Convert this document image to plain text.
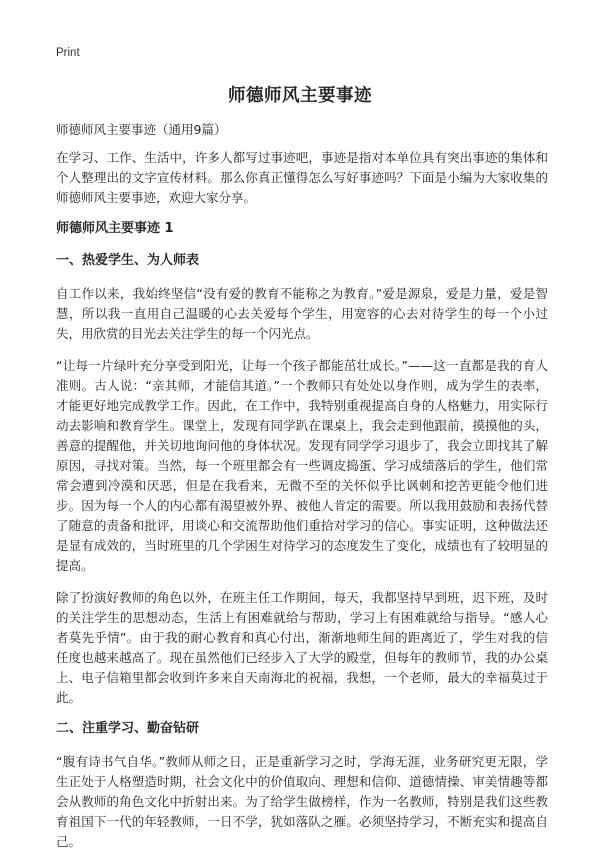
Print
师德师风主要事迹

师德师风主要事迹（通用9篇）

在学习、工作、生活中，许多人都写过事迹吧，事迹是指对本单位具有突出事迹的集体和个人整理出的文字宣传材料。那么你真正懂得怎么写好事迹吗？下面是小编为大家收集的师德师风主要事迹，欢迎大家分享。

师德师风主要事迹 1
一、热爱学生、为人师表

自工作以来，我始终坚信“没有爱的教育不能称之为教育。”爱是源泉，爱是力量，爱是智慧，所以我一直用自己温暖的心去关爱每个学生，用宽容的心去对待学生的每一个小过失，用欣赏的目光去关注学生的每一个闪光点。

“让每一片绿叶充分享受到阳光，让每一个孩子都能茁壮成长。”——这一直都是我的育人准则。古人说：“亲其师，才能信其道。”一个教师只有处处以身作则，成为学生的表率，才能更好地完成教学工作。因此，在工作中，我特别重视提高自身的人格魅力，用实际行动去影响和教育学生。课堂上，发现有同学趴在课桌上，我会走到他跟前，摸摸他的头，善意的提醒他，并关切地询问他的身体状况。发现有同学学习退步了，我会立即找其了解原因，寻找对策。当然，每一个班里都会有一些调皮捣蛋、学习成绩落后的学生，他们常常会遭到冷漠和厌恶，但是在我看来，无微不至的关怀似乎比讽刺和挖苦更能令他们进步。因为每一个人的内心都有渴望被外界、被他人肯定的需要。所以我用鼓励和表扬代替了随意的责备和批评，用谈心和交流帮助他们重拾对学习的信心。事实证明，这种做法还是显有成效的，当时班里的几个学困生对待学习的态度发生了变化，成绩也有了较明显的提高。

除了扮演好教师的角色以外，在班主任工作期间，每天，我都坚持早到班，迟下班，及时的关注学生的思想动态，生活上有困难就给与帮助，学习上有困难就给与指导。“感人心者莫先乎情”。由于我的耐心教育和真心付出，渐渐地师生间的距离近了，学生对我的信任度也越来越高了。现在虽然他们已经步入了大学的殿堂，但每年的教师节，我的办公桌上、电子信箱里都会收到许多来自天南海北的祝福，我想，一个老师，最大的幸福莫过于此。

二、注重学习、勤奋钻研

“腹有诗书气自华。”教师从师之日，正是重新学习之时，学海无涯，业务研究更无限，学生正处于人格塑造时期，社会文化中的价值取向、理想和信仰、道德情操、审美情趣等都会从教师的角色文化中折射出来。为了给学生做榜样，作为一名教师，特别是我们这些教育祖国下一代的年轻教师，一日不学，犹如落队之雁。必须坚持学习，不断充实和提高自己。
